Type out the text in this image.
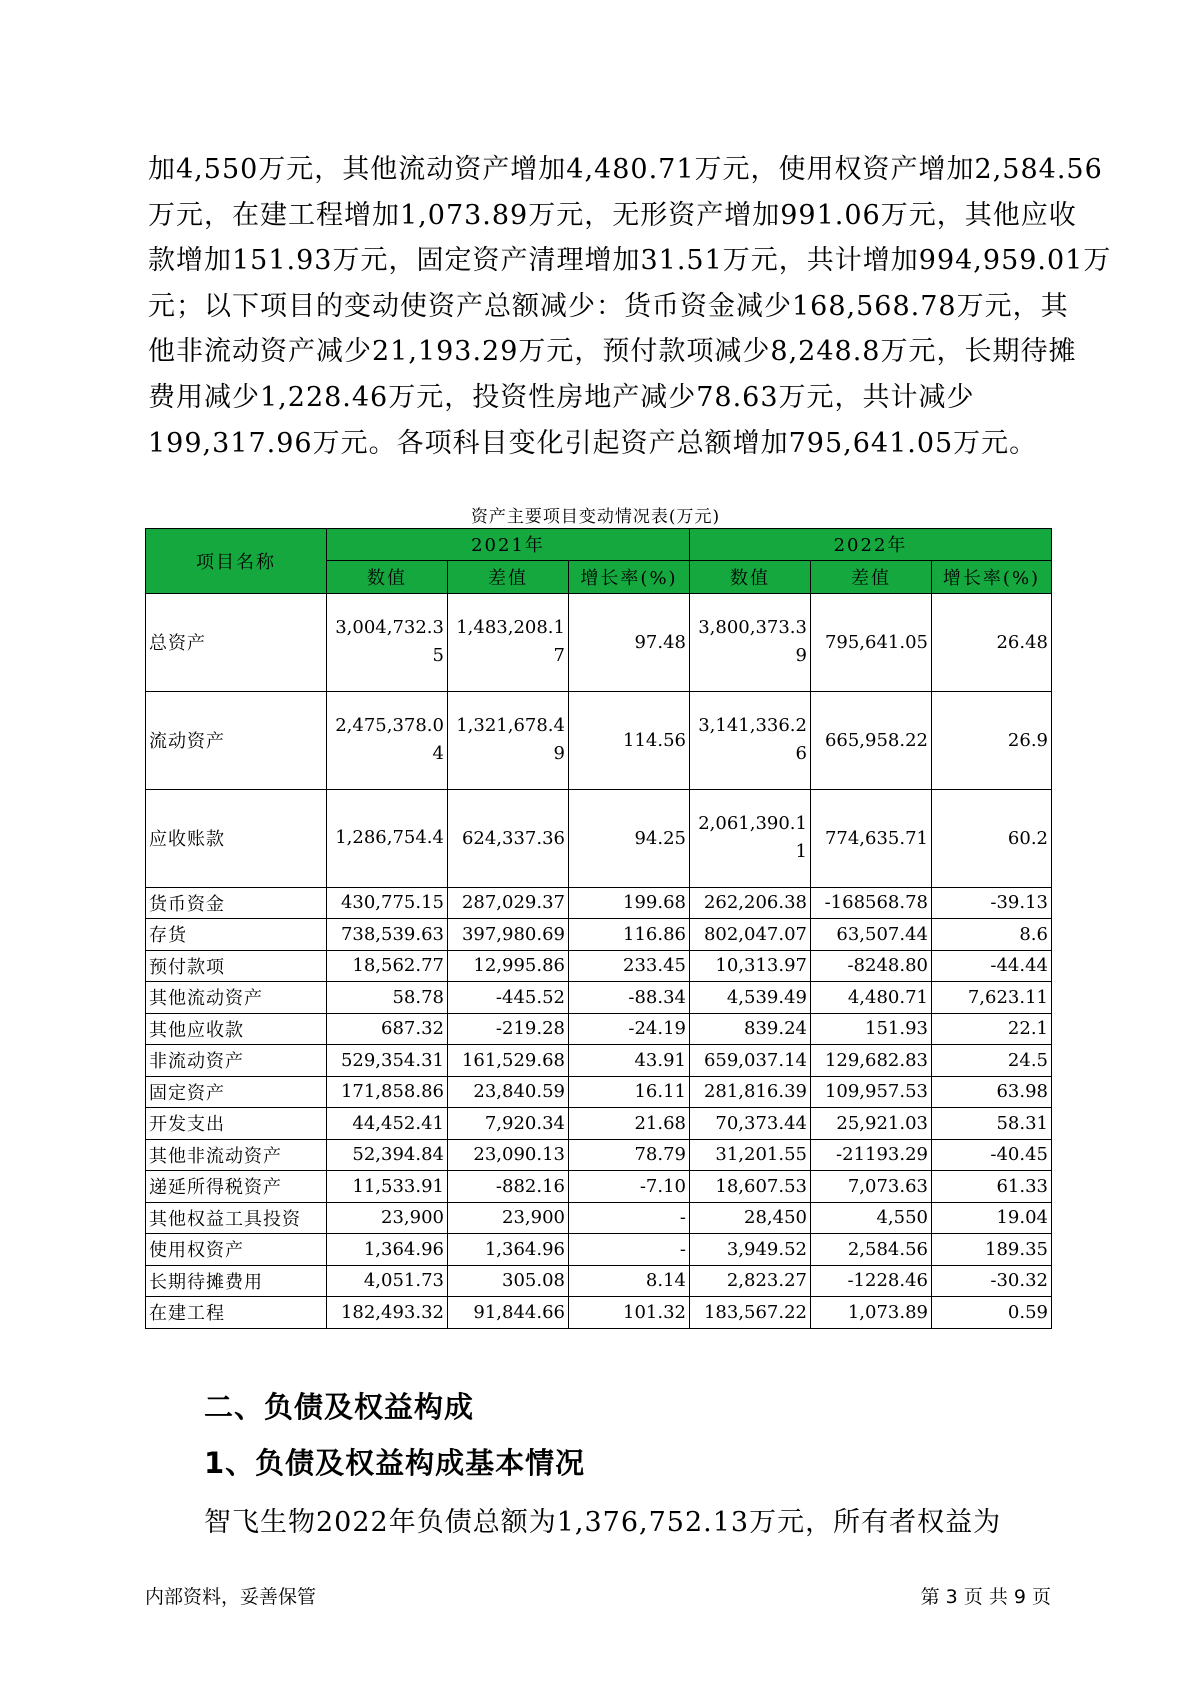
加4,550万元，其他流动资产增加4,480.71万元，使用权资产增加2,584.56
万元，在建工程增加1,073.89万元，无形资产增加991.06万元，其他应收
款增加151.93万元，固定资产清理增加31.51万元，共计增加994,959.01万
元；以下项目的变动使资产总额减少：货币资金减少168,568.78万元，其
他非流动资产减少21,193.29万元，预付款项减少8,248.8万元，长期待摊
费用减少1,228.46万元，投资性房地产减少78.63万元，共计减少
199,317.96万元。各项科目变化引起资产总额增加795,641.05万元。
资产主要项目变动情况表(万元)
项目名称	2021年			2022年		
	数值	差值	增长率(%)	数值	差值	增长率(%)
总资产	3,004,732.35	1,483,208.17	97.48	3,800,373.39	795,641.05	26.48
流动资产	2,475,378.04	1,321,678.49	114.56	3,141,336.26	665,958.22	26.9
应收账款	1,286,754.4	624,337.36	94.25	2,061,390.11	774,635.71	60.2
货币资金	430,775.15	287,029.37	199.68	262,206.38	-168568.78	-39.13
存货	738,539.63	397,980.69	116.86	802,047.07	63,507.44	8.6
预付款项	18,562.77	12,995.86	233.45	10,313.97	-8248.80	-44.44
其他流动资产	58.78	-445.52	-88.34	4,539.49	4,480.71	7,623.11
其他应收款	687.32	-219.28	-24.19	839.24	151.93	22.1
非流动资产	529,354.31	161,529.68	43.91	659,037.14	129,682.83	24.5
固定资产	171,858.86	23,840.59	16.11	281,816.39	109,957.53	63.98
开发支出	44,452.41	7,920.34	21.68	70,373.44	25,921.03	58.31
其他非流动资产	52,394.84	23,090.13	78.79	31,201.55	-21193.29	-40.45
递延所得税资产	11,533.91	-882.16	-7.10	18,607.53	7,073.63	61.33
其他权益工具投资	23,900	23,900	-	28,450	4,550	19.04
使用权资产	1,364.96	1,364.96	-	3,949.52	2,584.56	189.35
长期待摊费用	4,051.73	305.08	8.14	2,823.27	-1228.46	-30.32
在建工程	182,493.32	91,844.66	101.32	183,567.22	1,073.89	0.59
二、负债及权益构成
1、负债及权益构成基本情况
智飞生物2022年负债总额为1,376,752.13万元，所有者权益为
内部资料，妥善保管	第 3 页 共 9 页
